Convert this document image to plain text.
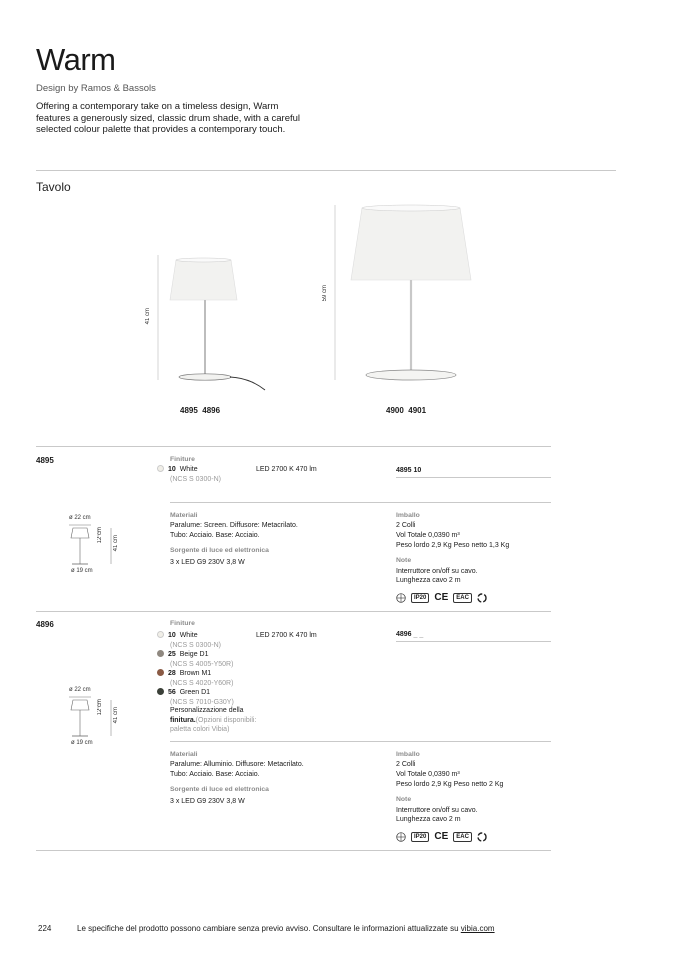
Warm
Design by Ramos & Bassols
Offering a contemporary take on a timeless design, Warm features a generously sized, classic drum shade, with a careful selected colour palette that provides a contemporary touch.
Tavolo
41 cm
59 cm
4895  4896	4900  4901
4895	Finiture
10 White
(NCS S 0300-N)
LED 2700 K 470 lm	4895 10
ø 22 cm
12 cm 41 cm
ø 19 cm
Materiali
Paralume: Screen. Diffusore: Metacrilato.
Tubo: Acciaio. Base: Acciaio.
Sorgente di luce ed elettronica
3 x LED G9 230V 3,8 W
Imballo
2 Colli
Vol Totale 0,0390 m³
Peso lordo 2,9 Kg Peso netto 1,3 Kg
Note
Interruttore on/off su cavo.
Lunghezza cavo 2 m
IP20 CE	EAC
4896	Finiture
10 White
(NCS S 0300-N)
25 Beige D1
(NCS S 4005-Y50R)
28 Brown M1
(NCS S 4020-Y60R)
56 Green D1
(NCS S 7010-G30Y)
Personalizzazione della
finitura.(Opzioni disponibili:
paletta colori Vibia)
LED 2700 K 470 lm	4896 _ _
ø 22 cm
12 cm 41 cm
ø 19 cm
Materiali
Paralume: Alluminio. Diffusore: Metacrilato.
Tubo: Acciaio. Base: Acciaio.
Sorgente di luce ed elettronica
3 x LED G9 230V 3,8 W
Imballo
2 Colli
Vol Totale 0,0390 m³
Peso lordo 2,9 Kg Peso netto 2 Kg
Note
Interruttore on/off su cavo.
Lunghezza cavo 2 m
IP20 CE	EAC
224	Le specifiche del prodotto possono cambiare senza previo avviso. Consultare le informazioni attualizzate su vibia.com
